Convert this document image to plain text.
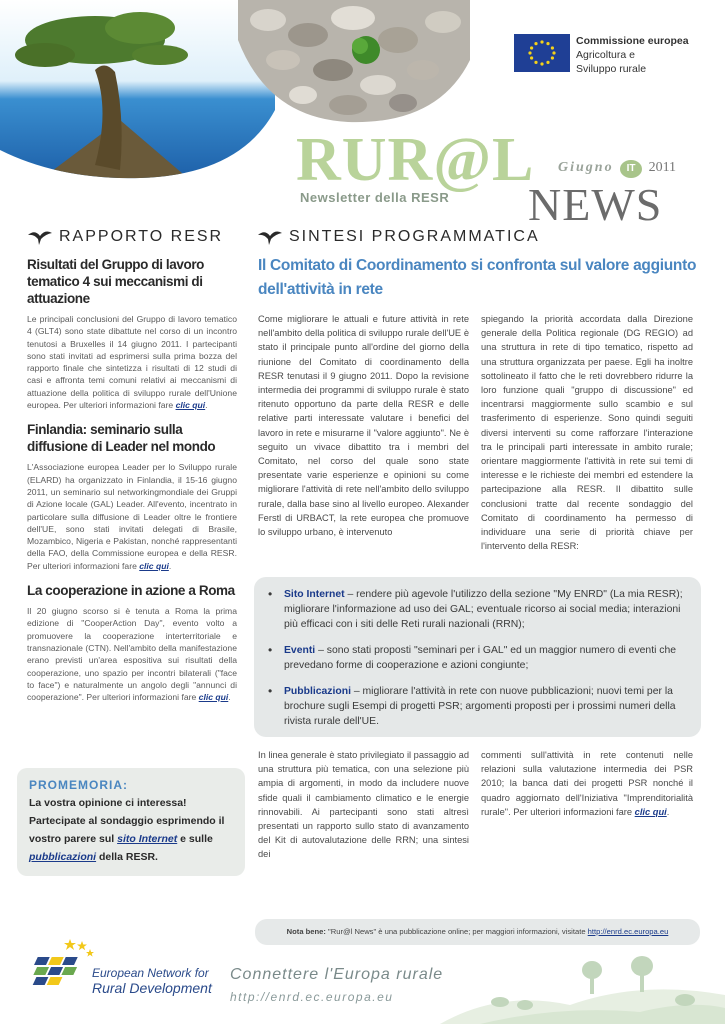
Commissione europea
Agricoltura e
Sviluppo rurale
RUR@L Giugno IT 2011
Newsletter della RESR NEWS
RAPPORTO RESR
Risultati del Gruppo di lavoro tematico 4 sui meccanismi di attuazione

Le principali conclusioni del Gruppo di lavoro tematico 4 (GLT4) sono state dibattute nel corso di un incontro tenutosi a Bruxelles il 14 giugno 2011. I partecipanti sono stati invitati ad esprimersi sulla prima bozza del rapporto finale che sintetizza i risultati di 12 studi di casi e affronta temi comuni relativi ai meccanismi di attuazione della politica di sviluppo rurale dell'Unione europea. Per ulteriori informazioni fare clic qui.

Finlandia: seminario sulla diffusione di Leader nel mondo

L'Associazione europea Leader per lo Sviluppo rurale (ELARD) ha organizzato in Finlandia, il 15-16 giugno 2011, un seminario sul networkingmondiale dei Gruppi di Azione locale (GAL) Leader. All'evento, incentrato in particolare sulla diffusione di Leader oltre le frontiere dell'UE, sono stati invitati delegati di Brasile, Mozambico, Nigeria e Pakistan, nonché rappresentanti della FAO, della Commissione europea e della RESR. Per ulteriori informazioni fare clic qui.

La cooperazione in azione a Roma

Il 20 giugno scorso si è tenuta a Roma la prima edizione di "CooperAction Day", evento volto a promuovere la cooperazione interterritoriale e transnazionale (CTN). Nell'ambito della manifestazione erano previsti un'area espositiva sui risultati della cooperazione, uno spazio per incontri bilaterali ("face to face") e naturalmente un angolo degli "annunci di cooperazione". Per ulteriori informazioni fare clic qui.

PROMEMORIA:

La vostra opinione ci interessa!
Partecipate al sondaggio esprimendo il vostro parere sul sito Internet e sulle pubblicazioni della RESR.

SINTESI PROGRAMMATICA
Il Comitato di Coordinamento si confronta sul valore aggiunto dell'attività in rete
Come migliorare le attuali e future attività in rete nell'ambito della politica di sviluppo rurale dell'UE è stato il principale punto all'ordine del giorno della riunione del Comitato di coordinamento della RESR tenutasi il 9 giugno 2011. Dopo la revisione intermedia dei programmi di sviluppo rurale è stato ritenuto opportuno da parte della RESR e delle relative parti interessate valutare i benefici del lavoro in rete e misurarne il "valore aggiunto". Ne è seguito un vivace dibattito tra i membri del Comitato, nel corso del quale sono state presentate varie esperienze e opinioni su come migliorare l'attività di rete nell'ambito dello sviluppo rurale, dalla base sino al livello europeo. Alexander Ferstl di URBACT, la rete europea che promuove lo sviluppo urbano, è intervenuto
spiegando la priorità accordata dalla Direzione generale della Politica regionale (DG REGIO) ad una struttura in rete di tipo tematico, rispetto ad una struttura organizzata per paese. Egli ha inoltre sottolineato il fatto che le reti dovrebbero ridurre la loro funzione quali "gruppo di discussione" ed incentrarsi maggiormente sullo scambio e sul trasferimento di esperienze. Sono quindi seguiti diversi interventi su come rafforzare l'interazione tra le principali parti interessate in ambito rurale; orientare maggiormente l'attività in rete sui temi di interesse e le richieste dei membri ed estendere la partecipazione alla RESR. Il dibattito sulle conclusioni tratte dal recente sondaggio del Comitato di coordinamento ha permesso di individuare una serie di priorità chiave per l'intervento della RESR:
• Sito Internet – rendere più agevole l'utilizzo della sezione "My ENRD" (La mia RESR); migliorare l'informazione ad uso dei GAL; eventuale ricorso ai social media; interazioni più efficaci con i siti delle Reti rurali nazionali (RRN);
• Eventi – sono stati proposti "seminari per i GAL" ed un maggior numero di eventi che prevedano forme di cooperazione e azioni congiunte;
• Pubblicazioni – migliorare l'attività in rete con nuove pubblicazioni; nuovi temi per la brochure sugli Esempi di progetti PSR; argomenti proposti per i prossimi numeri della rivista rurale dell'UE.
In linea generale è stato privilegiato il passaggio ad una struttura più tematica, con una selezione più ampia di argomenti, in modo da includere nuove sfide quali il cambiamento climatico e le energie rinnovabili. Ai partecipanti sono stati altresì presentati un rapporto sullo stato di avanzamento del Kit di autovalutazione delle RRN; una sintesi dei
commenti sull'attività in rete contenuti nelle relazioni sulla valutazione intermedia dei PSR 2010; la banca dati dei progetti PSR nonché il quadro aggiornato dell'Iniziativa "Imprenditorialità rurale". Per ulteriori informazioni fare clic qui.
Nota bene: "Rur@l News" è una pubblicazione online; per maggiori informazioni, visitate http://enrd.ec.europa.eu
European Network for
Rural Development
Connettere l'Europa rurale
http://enrd.ec.europa.eu
